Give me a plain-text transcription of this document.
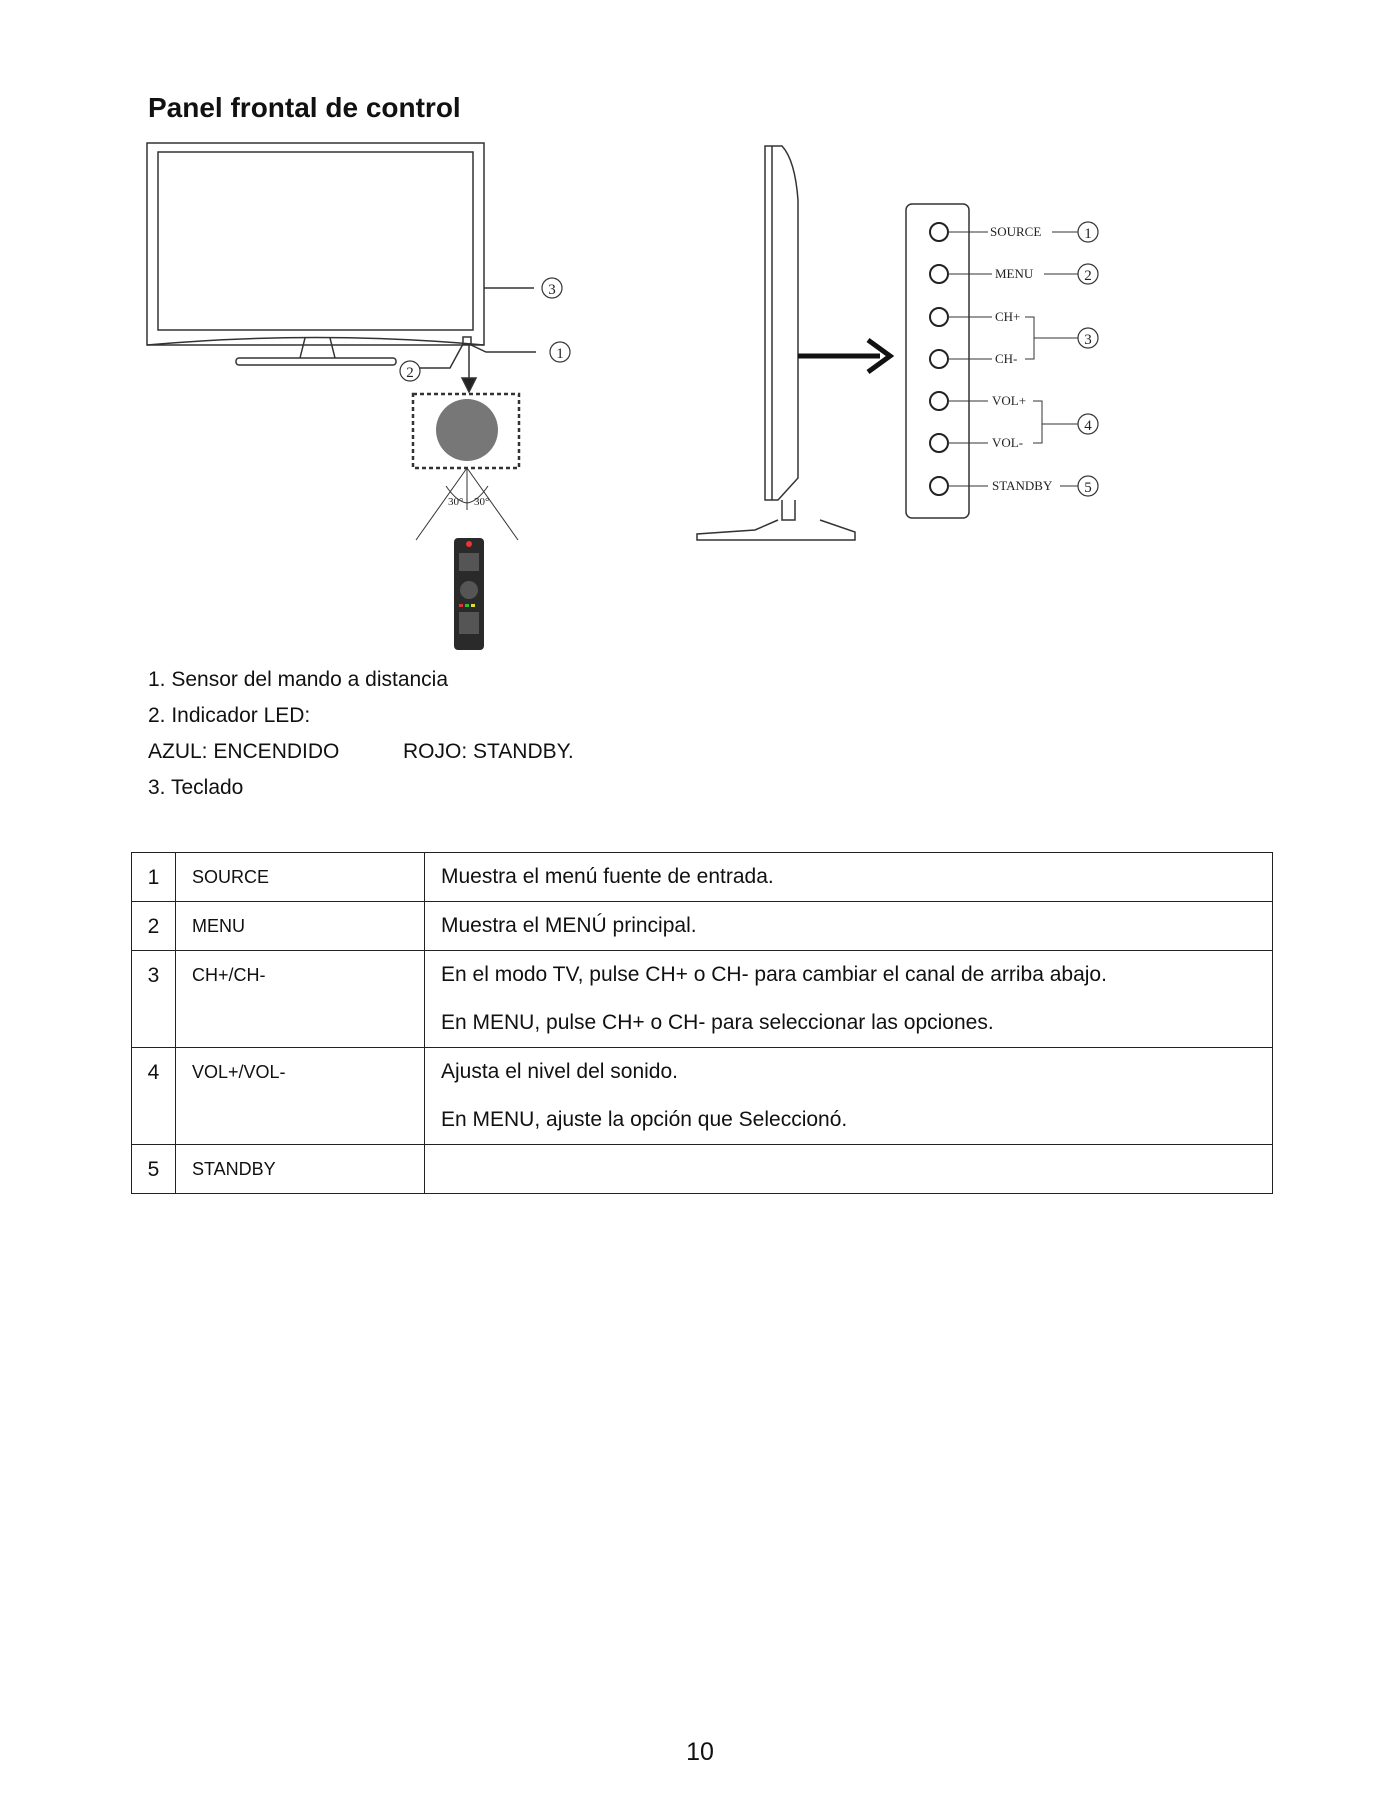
Panel frontal de control
3
1
2
30° 30°
SOURCE
MENU
CH+
CH-
VOL+
VOL-
STANDBY
1
2
3
4
5

1. Sensor del mando a distancia

2. Indicador LED:

AZUL: ENCENDIDO	ROJO: STANDBY.

3. Teclado

1	SOURCE	Muestra el menú fuente de entrada.

2	MENU	Muestra el MENÚ principal.

3	CH+/CH-	En el modo TV, pulse CH+ o CH- para cambiar el canal de arriba abajo.
En MENU, pulse CH+ o CH- para seleccionar las opciones.

4	VOL+/VOL-	Ajusta el nivel del sonido.
En MENU, ajuste la opción que Seleccionó.

5	STANDBY	
10
